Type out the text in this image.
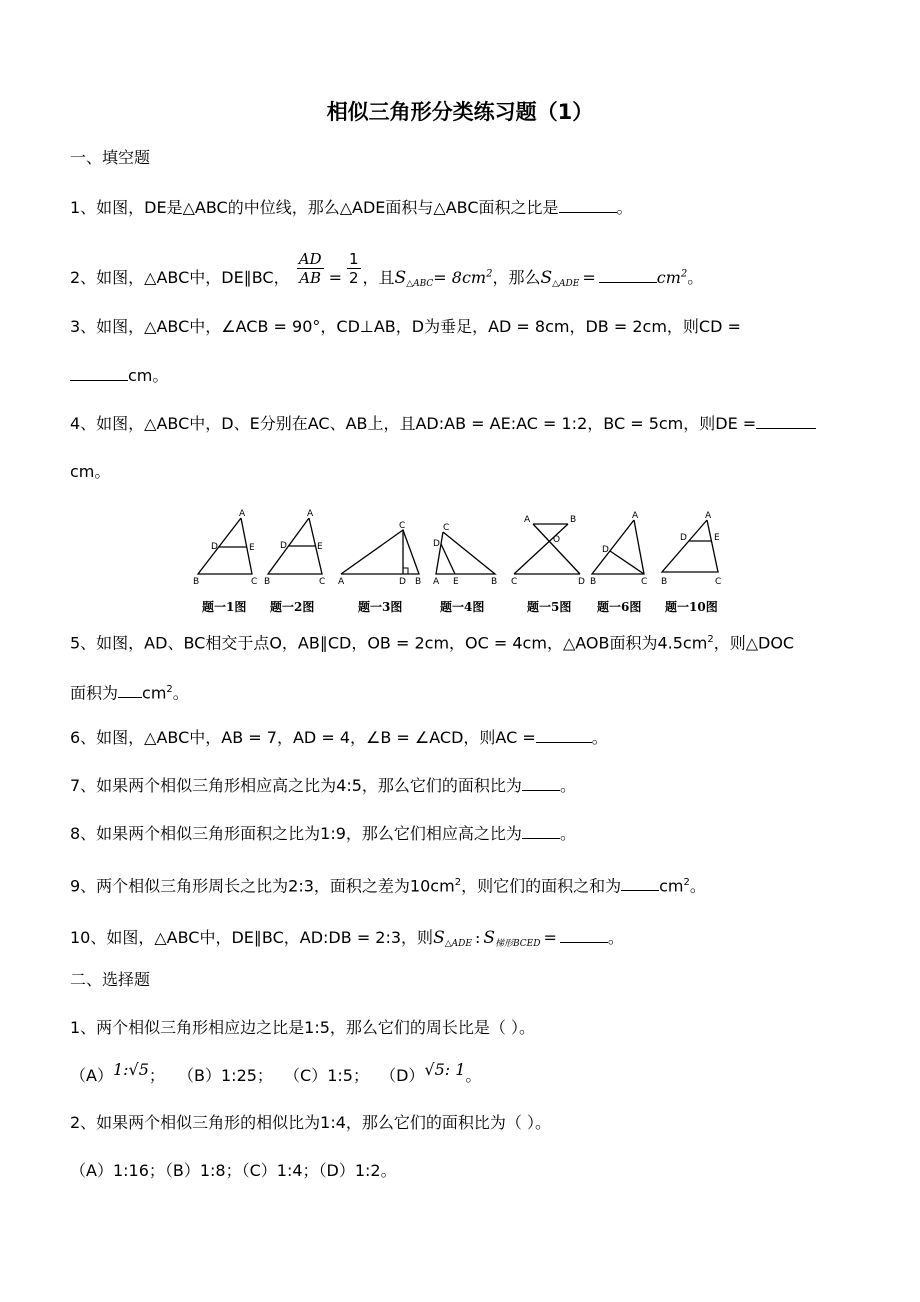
相似三角形分类练习题（1）
一、填空题
1、如图，DE是△ABC的中位线，那么△ADE面积与△ABC面积之比是	。
2、如图，△ABC中，DE∥BC， $\frac{AD}{AB} = \frac{1}{2}$ ，且S△ABC= $8cm^2$，那么S△ADE =	$cm^2$。
3、如图，△ABC中，∠ACB = 90°，CD⊥AB，D为垂足，AD = 8cm，DB = 2cm，则CD =
cm。
4、如图，△ABC中，D、E分别在AC、AB上，且AD:AB = AE:AC = 1:2，BC = 5cm，则DE =
cm。
A
D	E
B	C
A
D	E
B	C
C
A	D B
C
D
A E	B
A	B
O
C	D
A
D
B	C
A
D	E
B	C
题一1图 题一2图	题一3图	题一4图	题一5图 题一6图 题一10图
5、如图，AD、BC相交于点O，AB∥CD，OB = 2cm，OC = 4cm，△AOB面积为$4.5cm^2$，则△DOC
面积为 $cm^2$。
6、如图，△ABC中，AB = 7，AD = 4，∠B = ∠ACD，则AC =	。
7、如果两个相似三角形相应高之比为4:5，那么它们的面积比为 。
8、如果两个相似三角形面积之比为1:9，那么它们相应高之比为 。
9、两个相似三角形周长之比为2:3，面积之差为$10cm^2$，则它们的面积之和为 $cm^2$。
10、如图，△ABC中，DE∥BC，AD:DB = 2:3，则S△ADE : S梯形BCED =	。
二、选择题
1、两个相似三角形相应边之比是1:5，那么它们的周长比是（ ）。
（A）1:√5； （B）1:25； （C）1:5； （D）√5: 1。
2、如果两个相似三角形的相似比为1:4，那么它们的面积比为（ ）。
（A）1:16；（B）1:8；（C）1:4；（D）1:2。
